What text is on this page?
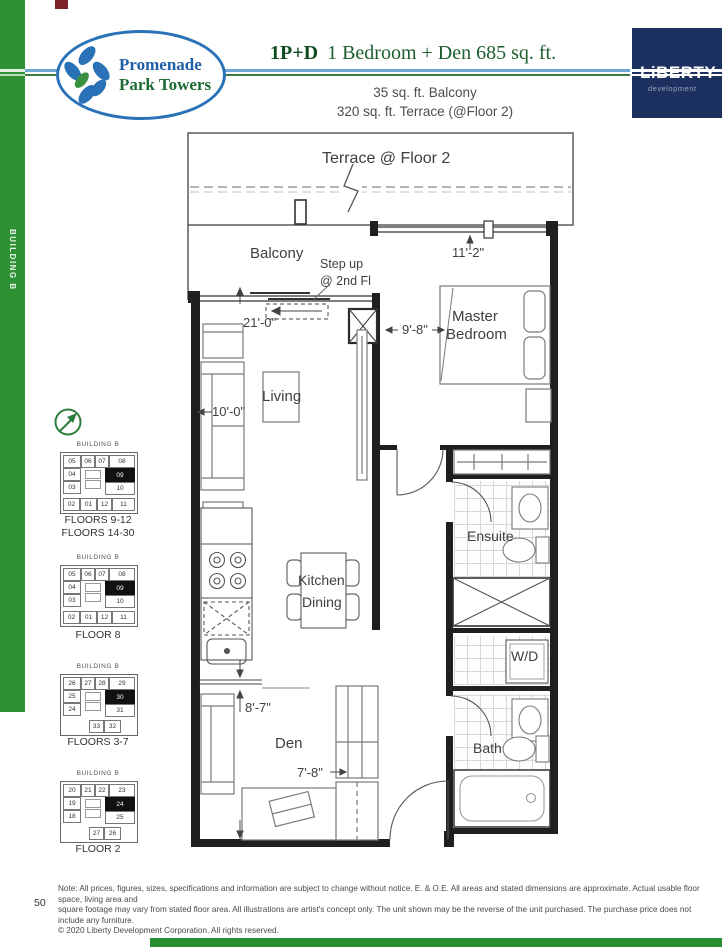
BUILDING B
Promenade
Park Towers
1P+D 1 Bedroom + Den 685 sq. ft.
35 sq. ft. Balcony
320 sq. ft. Terrace (@Floor 2)
LiBERTY
development
BUILDING B
05	06	07	08
04
03
09
10
02	01	12	11
FLOORS 9-12
FLOORS 14-30
BUILDING B
05	06	07	08
04
03
09
10
02	01	12	11
FLOOR 8
BUILDING B
26	27	28	29
25
24
30
31
33	32
FLOORS 3-7
BUILDING B
20	21	22	23
19
18
24
25
27	26
FLOOR 2
Terrace @ Floor 2
Balcony
Step up
@ 2nd Fl
11'-2"
Master
Bedroom
21'-0"	9'-8"
Living
10'-0"
Kitchen
Dining
Ensuite
W/D
8'-7"
Den	Bath
7'-8"
Note: All prices, figures, sizes, specifications and information are subject to change without notice. E. & O.E. All areas and stated dimensions are approximate. Actual usable floor space, living area and
square footage may vary from stated floor area. All illustrations are artist's concept only. The unit shown may be the reverse of the unit purchased. The purchase price does not include any furniture.
© 2020 Liberty Development Corporation. All rights reserved.
50
